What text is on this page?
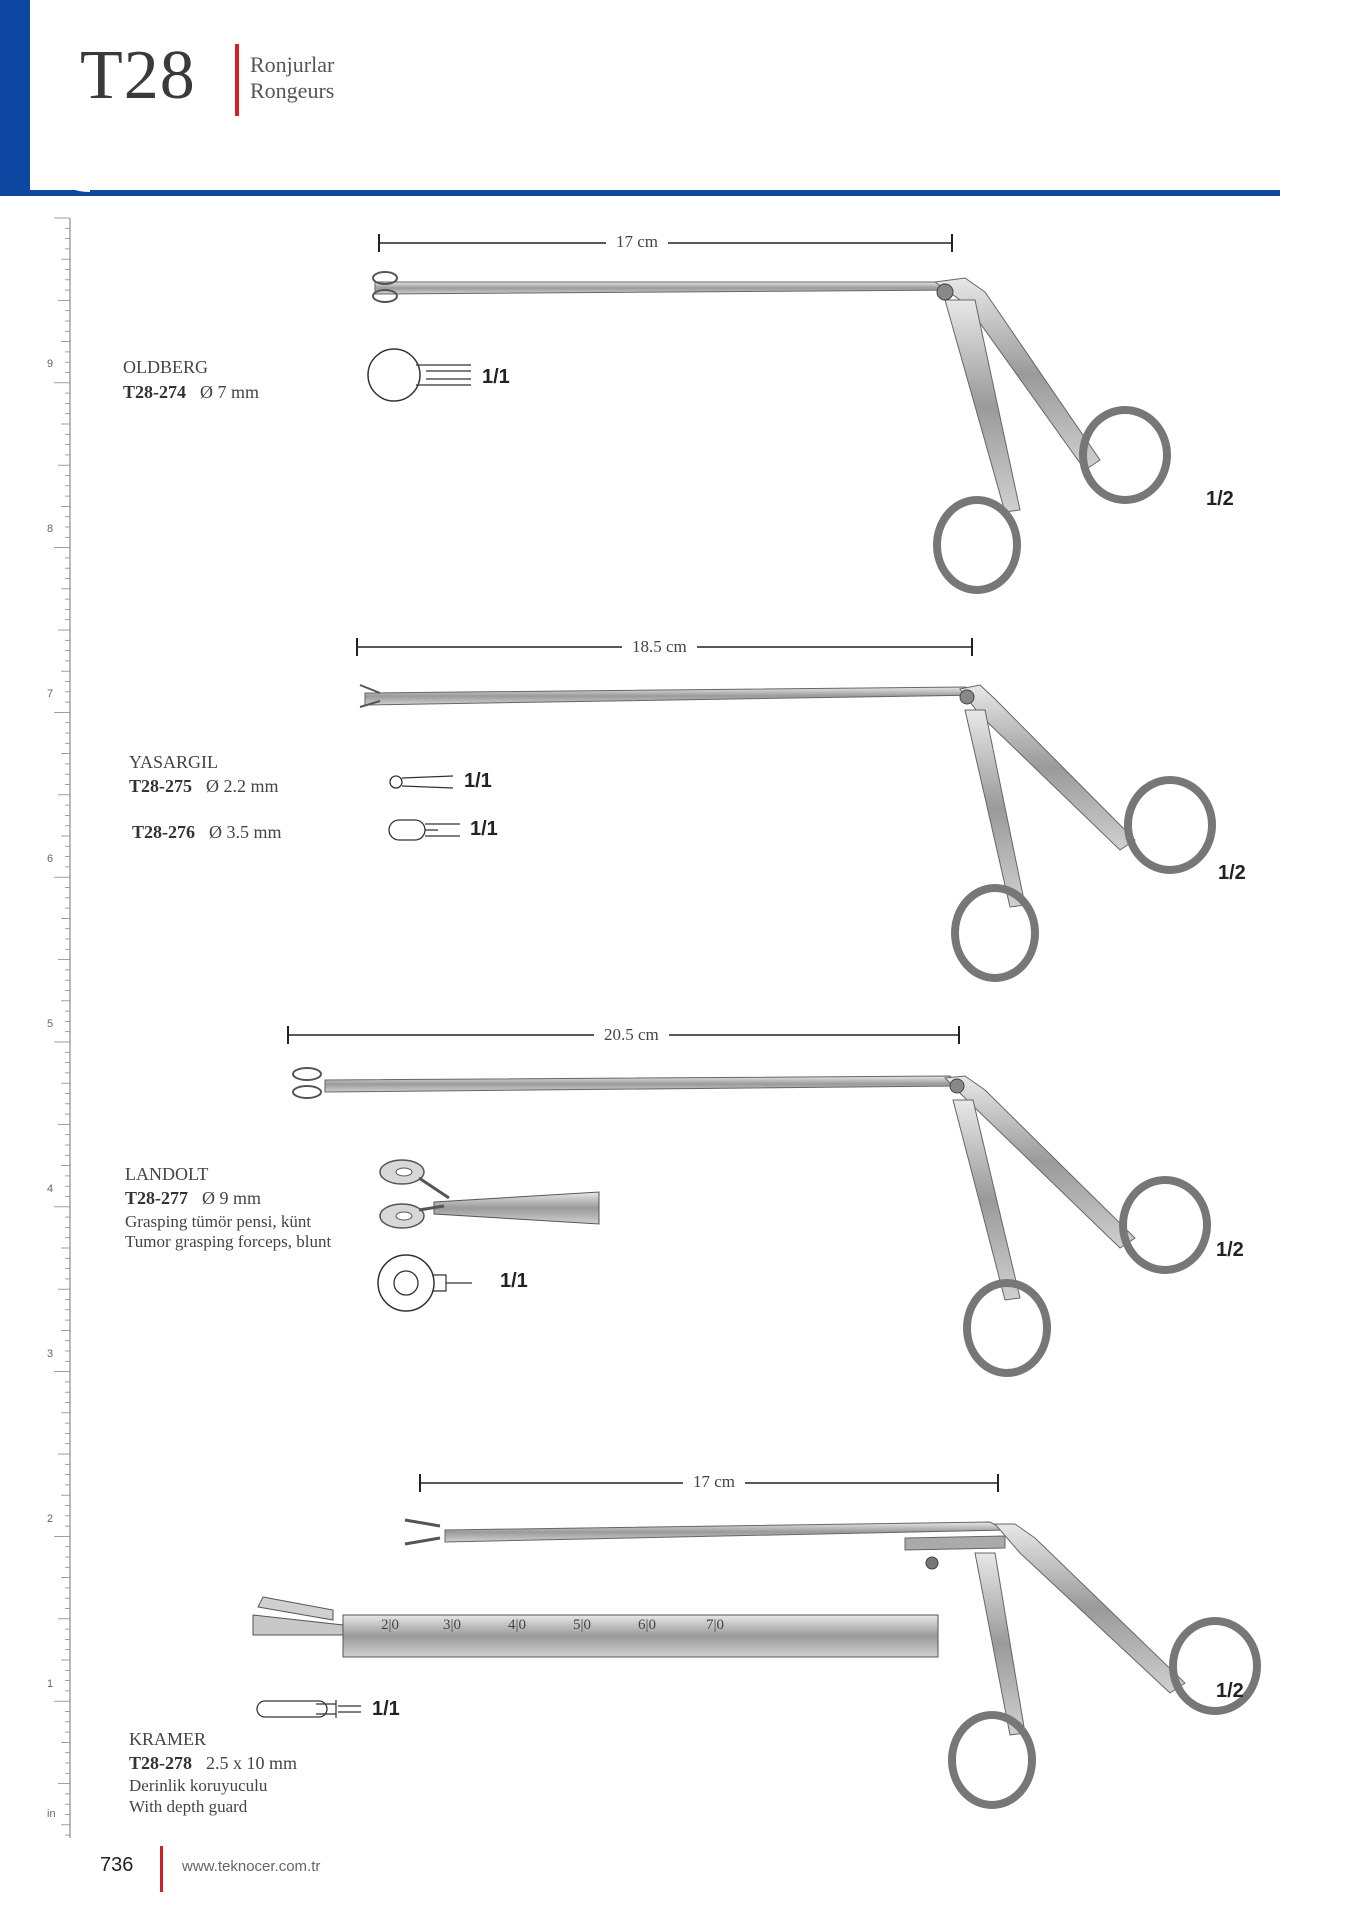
T28 Ronjurlar
Rongeurs
9
8
7
6
5
4
3
2
1
in
17 cm
1/1
1/2
OLDBERG
T28-274 Ø 7 mm
18.5 cm
1/1
1/1
1/2
YASARGIL
T28-275 Ø 2.2 mm
T28-276 Ø 3.5 mm
20.5 cm
1/1
1/2
LANDOLT
T28-277 Ø 9 mm
Grasping tümör pensi, künt
Tumor grasping forceps, blunt
17 cm
2|0	3|0	4|0	5|0	6|0	7|0
1/1
1/2
KRAMER
T28-278 2.5 x 10 mm
Derinlik koruyuculu
With depth guard
736	www.teknocer.com.tr
